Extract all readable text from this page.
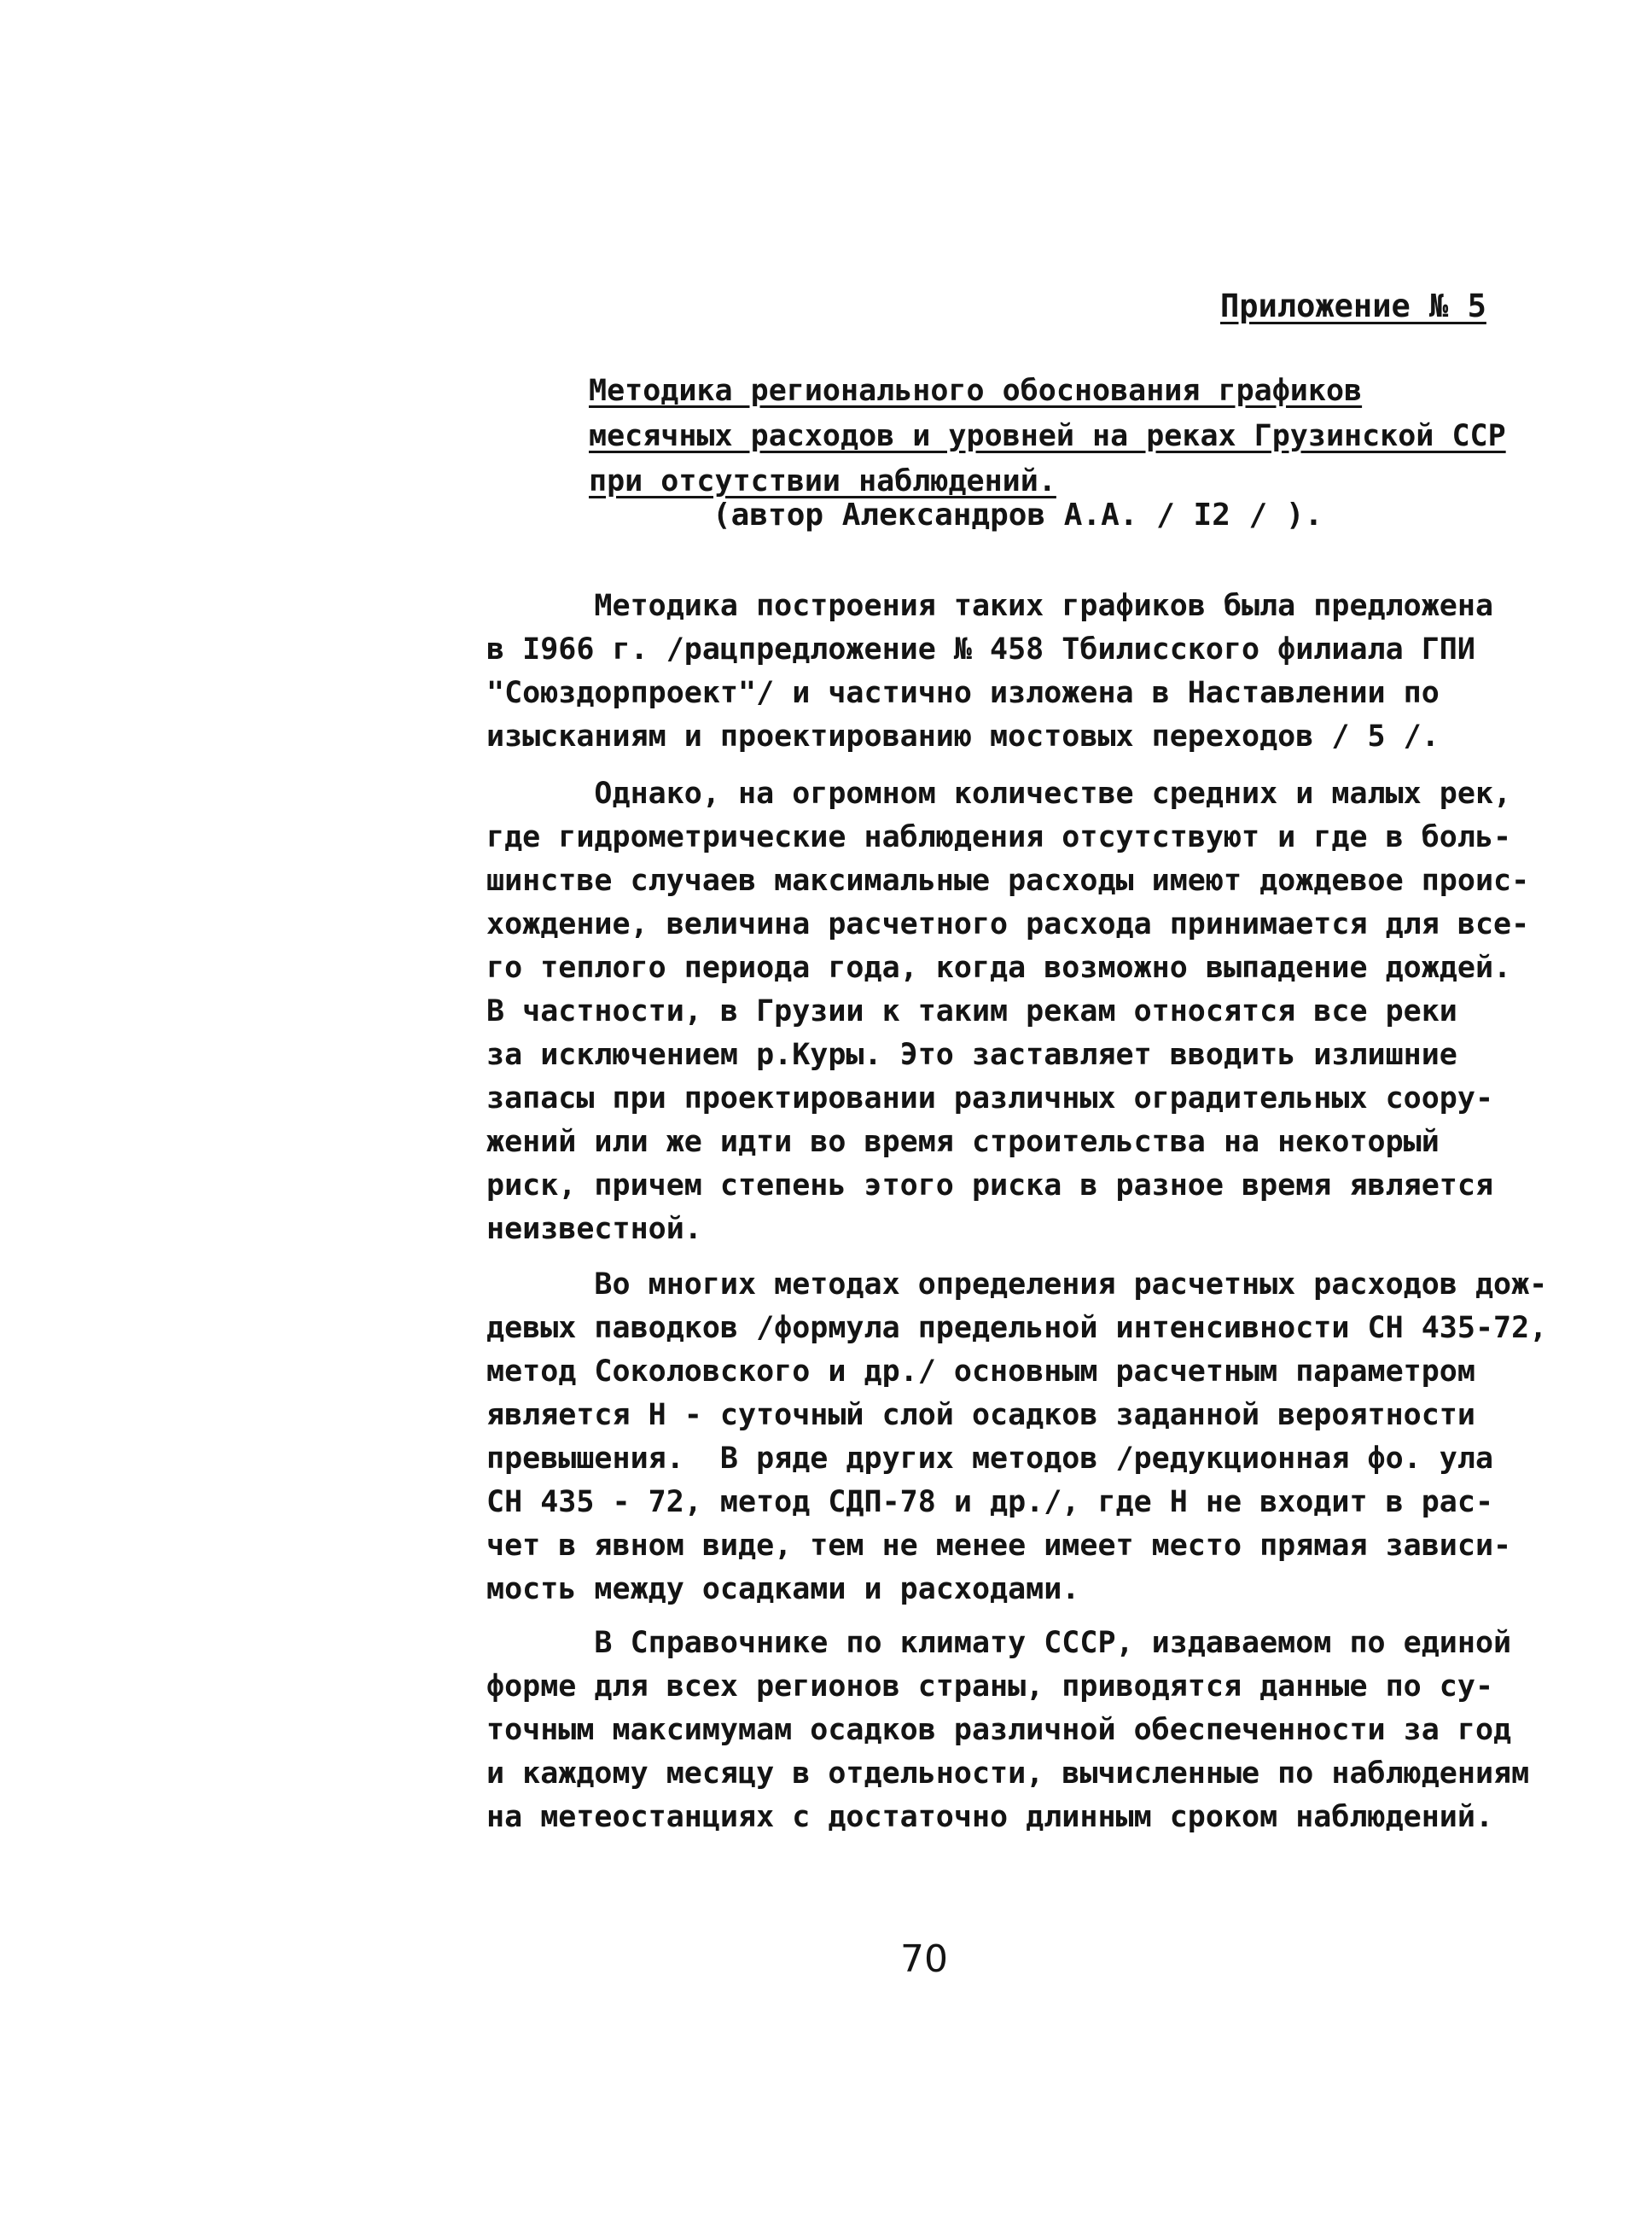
Приложение № 5
Методика регионального обоснования графиков
месячных расходов и уровней на реках Грузинской ССР
при отсутствии наблюдений.
(автор Александров А.А. / I2 / ).
Методика построения таких графиков была предложена
в I966 г. /рацпредложение № 458 Тбилисского филиала ГПИ
"Союздорпроект"/ и частично изложена в Наставлении по
изысканиям и проектированию мостовых переходов / 5 /.
Однако, на огромном количестве средних и малых рек,
где гидрометрические наблюдения отсутствуют и где в боль-
шинстве случаев максимальные расходы имеют дождевое проис-
хождение, величина расчетного расхода принимается для все-
го теплого периода года, когда возможно выпадение дождей.
В частности, в Грузии к таким рекам относятся все реки
за исключением р.Куры. Это заставляет вводить излишние
запасы при проектировании различных оградительных соору-
жений или же идти во время строительства на некоторый
риск, причем степень этого риска в разное время является
неизвестной.
Во многих методах определения расчетных расходов дож-
девых паводков /формула предельной интенсивности СН 435-72,
метод Соколовского и др./ основным расчетным параметром
является Н - суточный слой осадков заданной вероятности
превышения.  В ряде других методов /редукционная фо. ула
СН 435 - 72, метод СДП-78 и др./, где Н не входит в рас-
чет в явном виде, тем не менее имеет место прямая зависи-
мость между осадками и расходами.
В Справочнике по климату СССР, издаваемом по единой
форме для всех регионов страны, приводятся данные по су-
точным максимумам осадков различной обеспеченности за год
и каждому месяцу в отдельности, вычисленные по наблюдениям
на метеостанциях с достаточно длинным сроком наблюдений.
70
